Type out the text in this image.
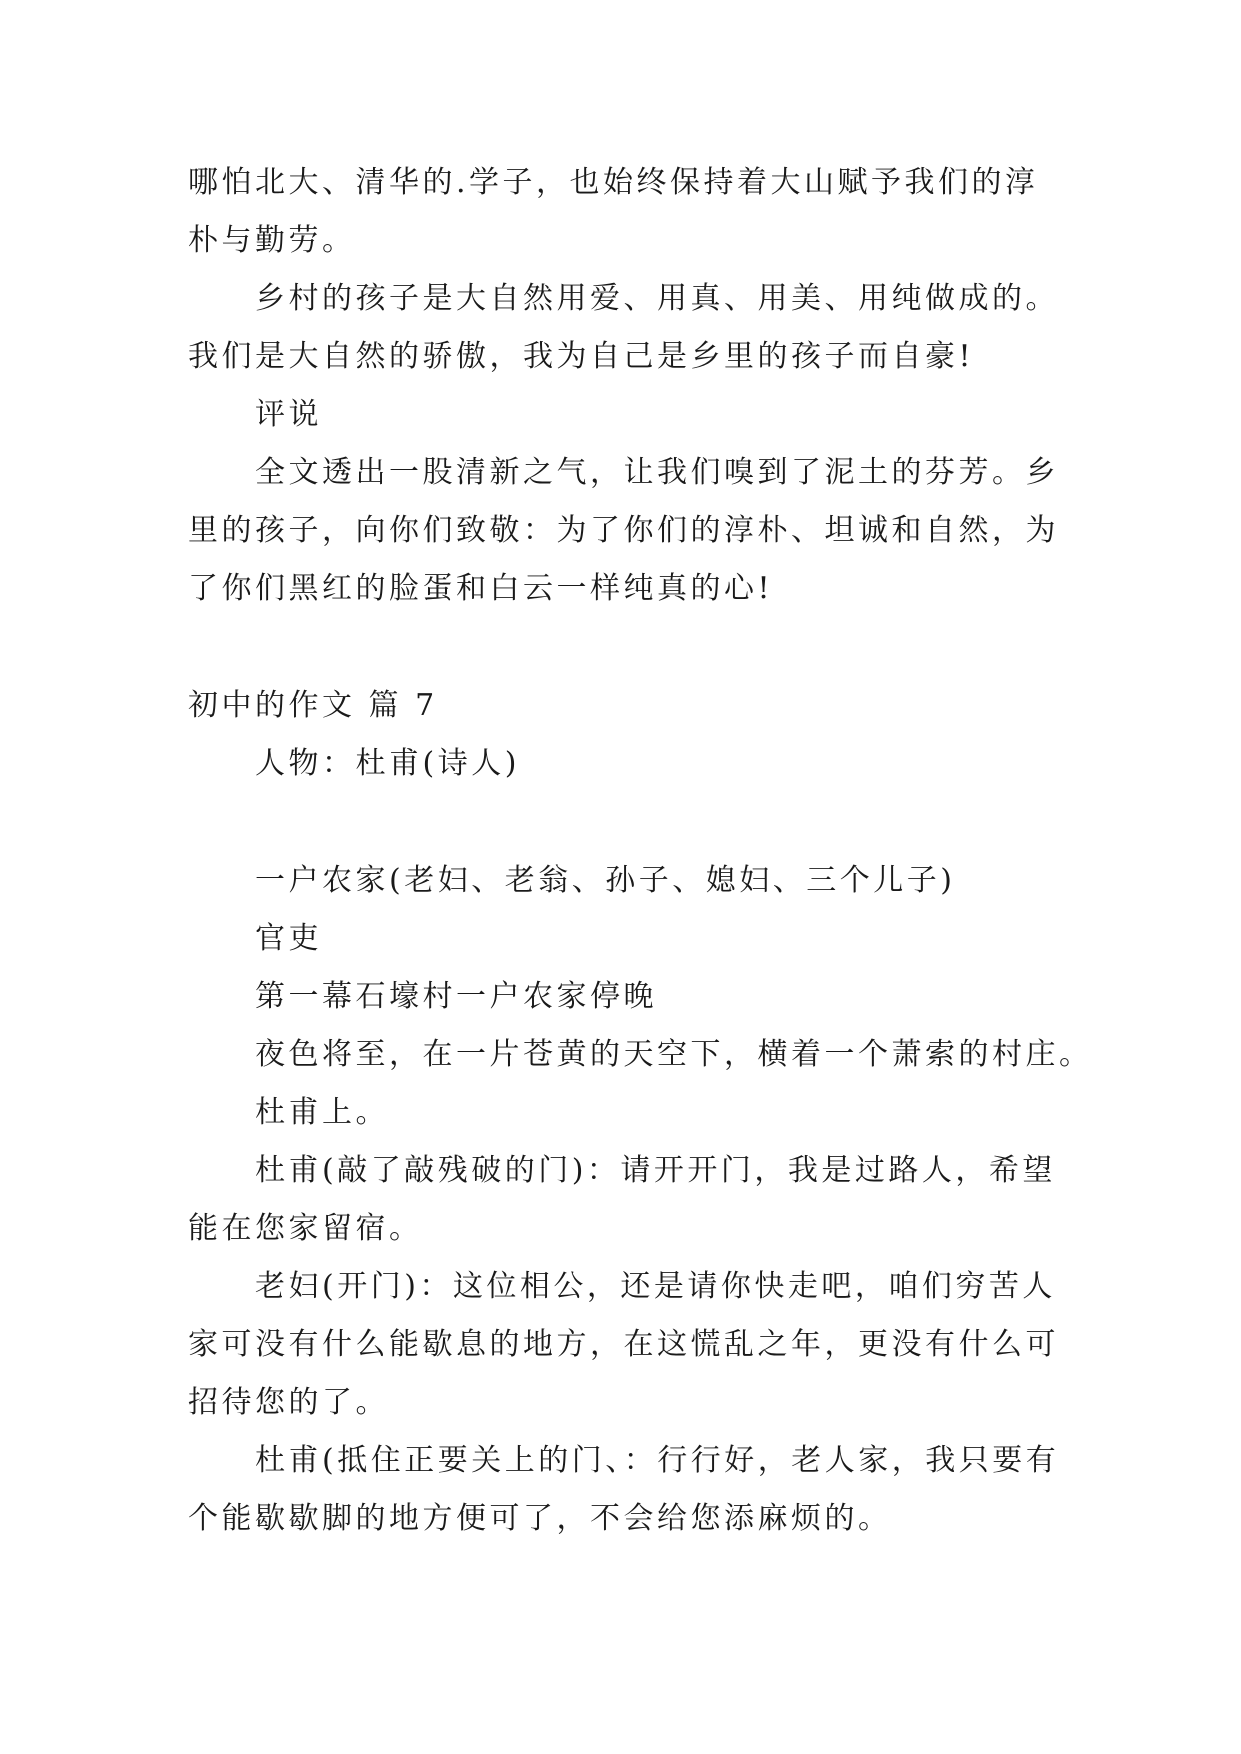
哪怕北大、清华的.学子，也始终保持着大山赋予我们的淳
朴与勤劳。
乡村的孩子是大自然用爱、用真、用美、用纯做成的。
我们是大自然的骄傲，我为自己是乡里的孩子而自豪!
评说
全文透出一股清新之气，让我们嗅到了泥土的芬芳。乡
里的孩子，向你们致敬：为了你们的淳朴、坦诚和自然，为
了你们黑红的脸蛋和白云一样纯真的心!
初中的作文 篇 7
人物：杜甫(诗人)
一户农家(老妇、老翁、孙子、媳妇、三个儿子)
官吏
第一幕石壕村一户农家停晚
夜色将至，在一片苍黄的天空下，横着一个萧索的村庄。
杜甫上。
杜甫(敲了敲残破的门)：请开开门，我是过路人，希望
能在您家留宿。
老妇(开门)：这位相公，还是请你快走吧，咱们穷苦人
家可没有什么能歇息的地方，在这慌乱之年，更没有什么可
招待您的了。
杜甫(抵住正要关上的门、：行行好，老人家，我只要有
个能歇歇脚的地方便可了，不会给您添麻烦的。
